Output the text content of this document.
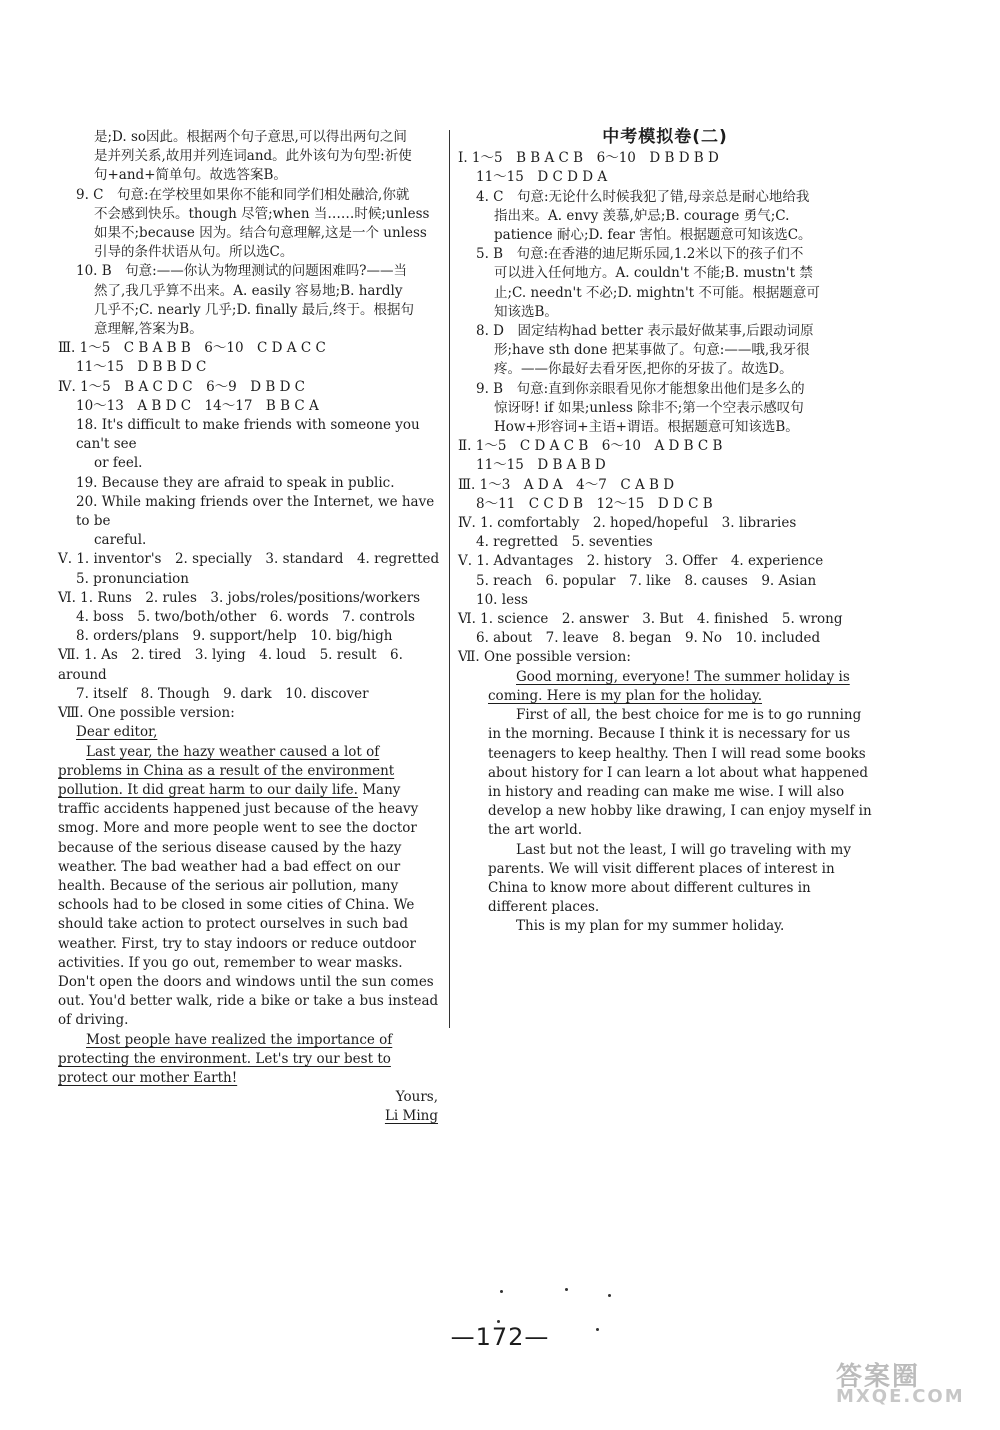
是;D. so因此。根据两个句子意思,可以得出两句之间
是并列关系,故用并列连词and。此外该句为句型:祈使
句+and+简单句。故选答案B。
9. C　句意:在学校里如果你不能和同学们相处融洽,你就
不会感到快乐。though 尽管;when 当……时候;unless
如果不;because 因为。结合句意理解,这是一个 unless
引导的条件状语从句。所以选C。
10. B　句意:——你认为物理测试的问题困难吗?——当
然了,我几乎算不出来。A. easily 容易地;B. hardly
几乎不;C. nearly 几乎;D. finally 最后,终于。根据句
意理解,答案为B。
Ⅲ. 1～5　C B A B B　6～10　C D A C C
11～15　D B B D C
Ⅳ. 1～5　B A C D C　6～9　D B D C
10～13　A B D C　14～17　B B C A
18. It's difficult to make friends with someone you can't see
or feel.
19. Because they are afraid to speak in public.
20. While making friends over the Internet, we have to be
careful.
Ⅴ. 1. inventor's　2. specially　3. standard　4. regretted
5. pronunciation
Ⅵ. 1. Runs　2. rules　3. jobs/roles/positions/workers
4. boss　5. two/both/other　6. words　7. controls
8. orders/plans　9. support/help　10. big/high
Ⅶ. 1. As　2. tired　3. lying　4. loud　5. result　6. around
7. itself　8. Though　9. dark　10. discover
Ⅷ. One possible version:
Dear editor,
Last year, the hazy weather caused a lot of problems in China as a result of the environment pollution. It did great harm to our daily life. Many traffic accidents happened just because of the heavy smog. More and more people went to see the doctor because of the serious disease caused by the hazy weather. The bad weather had a bad effect on our health. Because of the serious air pollution, many schools had to be closed in some cities of China. We should take action to protect ourselves in such bad weather. First, try to stay indoors or reduce outdoor activities. If you go out, remember to wear masks. Don't open the doors and windows until the sun comes out. You'd better walk, ride a bike or take a bus instead of driving.
Most people have realized the importance of protecting the environment. Let's try our best to protect our mother Earth!
Yours,
Li Ming
中考模拟卷(二)
Ⅰ. 1～5　B B A C B　6～10　D B D B D
11～15　D C D D A
4. C　句意:无论什么时候我犯了错,母亲总是耐心地给我
指出来。A. envy 羡慕,妒忌;B. courage 勇气;C.
patience 耐心;D. fear 害怕。根据题意可知该选C。
5. B　句意:在香港的迪尼斯乐园,1.2米以下的孩子们不
可以进入任何地方。A. couldn't 不能;B. mustn't 禁
止;C. needn't 不必;D. mightn't 不可能。根据题意可
知该选B。
8. D　固定结构had better 表示最好做某事,后跟动词原
形;have sth done 把某事做了。句意:——哦,我牙很
疼。——你最好去看牙医,把你的牙拔了。故选D。
9. B　句意:直到你亲眼看见你才能想象出他们是多么的
惊讶呀! if 如果;unless 除非不;第一个空表示感叹句
How+形容词+主语+谓语。根据题意可知该选B。
Ⅱ. 1～5　C D A C B　6～10　A D B C B
11～15　D B A B D
Ⅲ. 1～3　A D A　4～7　C A B D
8～11　C C D B　12～15　D D C B
Ⅳ. 1. comfortably　2. hoped/hopeful　3. libraries
4. regretted　5. seventies
Ⅴ. 1. Advantages　2. history　3. Offer　4. experience
5. reach　6. popular　7. like　8. causes　9. Asian
10. less
Ⅵ. 1. science　2. answer　3. But　4. finished　5. wrong
6. about　7. leave　8. began　9. No　10. included
Ⅶ. One possible version:
Good morning, everyone! The summer holiday is coming. Here is my plan for the holiday.
First of all, the best choice for me is to go running in the morning. Because I think it is necessary for us teenagers to keep healthy. Then I will read some books about history for I can learn a lot about what happened in history and reading can make me wise. I will also develop a new hobby like drawing, I can enjoy myself in the art world.
Last but not the least, I will go traveling with my parents. We will visit different places of interest in China to know more about different cultures in different places.
This is my plan for my summer holiday.
—172—
答案圈
MXQE.COM
